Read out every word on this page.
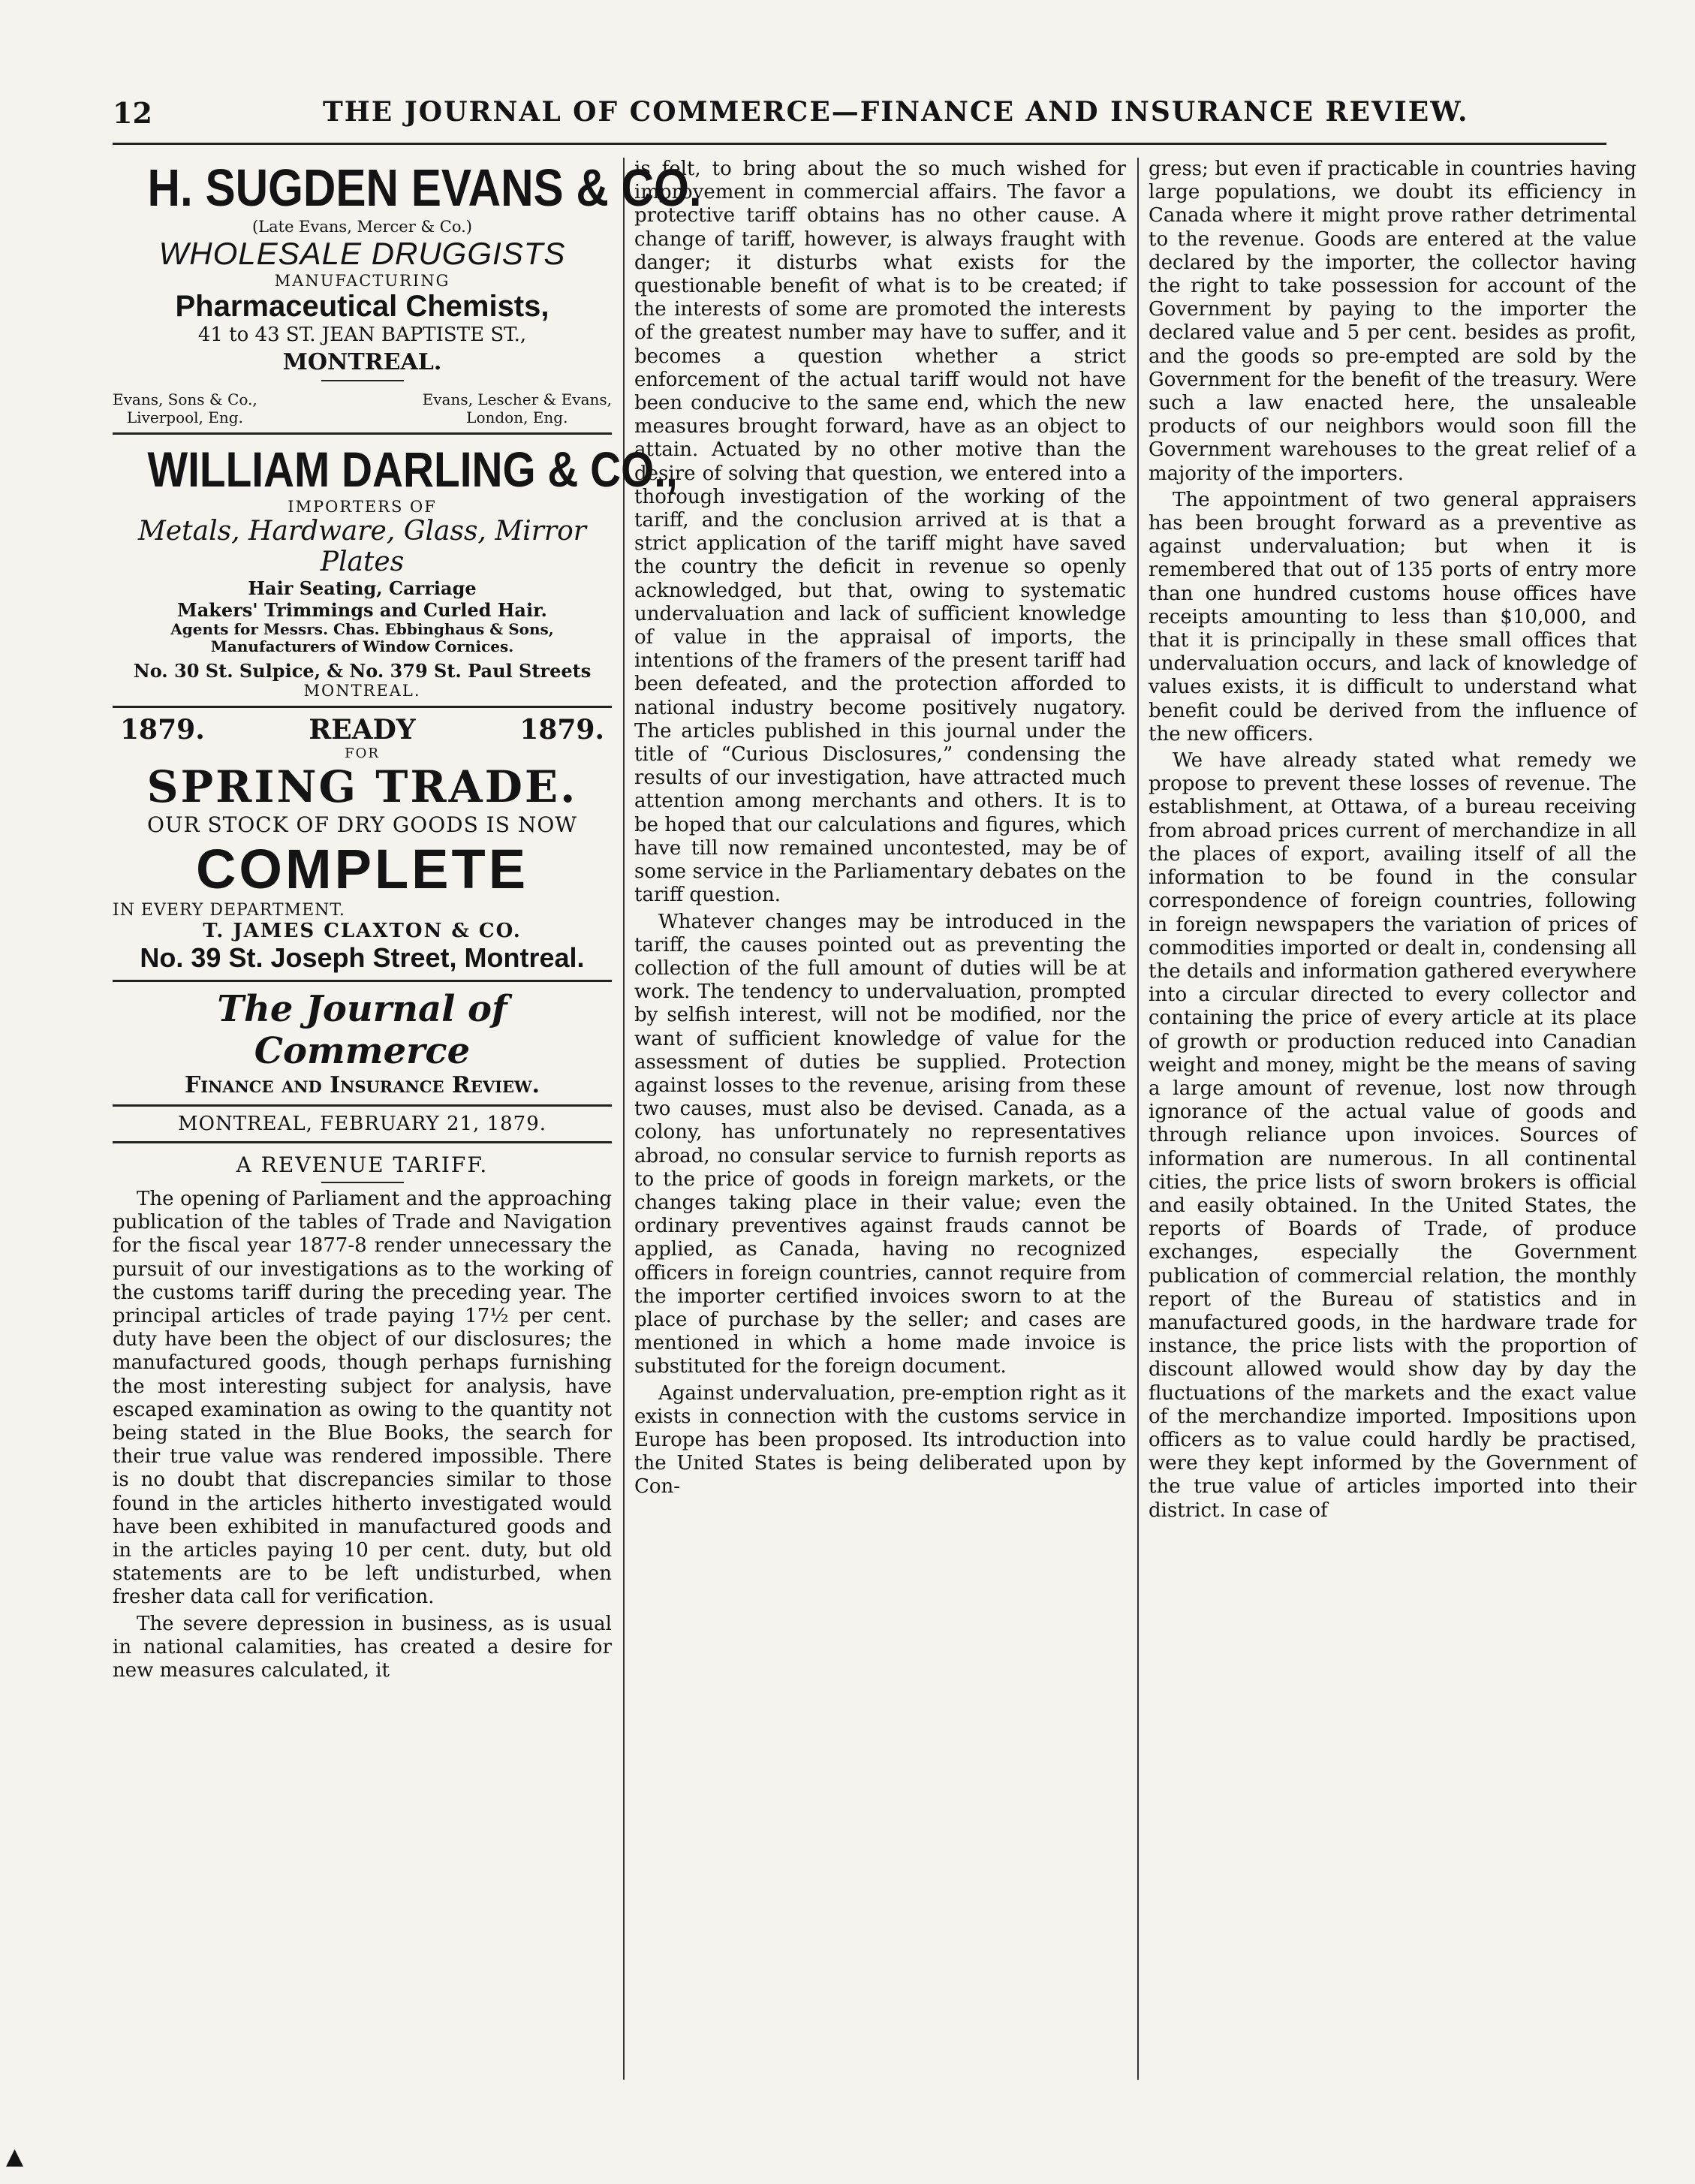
12	THE JOURNAL OF COMMERCE—FINANCE AND INSURANCE REVIEW.
H. SUGDEN EVANS & CO.
(Late Evans, Mercer & Co.)
WHOLESALE DRUGGISTS
MANUFACTURING
Pharmaceutical Chemists,
41 to 43 ST. JEAN BAPTISTE ST.,
MONTREAL.
Evans, Sons & Co.,
Liverpool, Eng.
Evans, Lescher & Evans,
London, Eng.
WILLIAM DARLING & CO.,
IMPORTERS OF
Metals, Hardware, Glass, Mirror Plates
Hair Seating, Carriage
Makers' Trimmings and Curled Hair.
Agents for Messrs. Chas. Ebbinghaus & Sons, Manufacturers of Window Cornices.
No. 30 St. Sulpice, & No. 379 St. Paul Streets
MONTREAL.
1879.	READY	1879.
FOR
SPRING TRADE.
OUR STOCK OF DRY GOODS IS NOW
COMPLETE
IN EVERY DEPARTMENT.
T. JAMES CLAXTON & CO.
No. 39 St. Joseph Street, Montreal.
The Journal of Commerce
Finance and Insurance Review.
MONTREAL, FEBRUARY 21, 1879.
A REVENUE TARIFF.

The opening of Parliament and the approaching publication of the tables of Trade and Navigation for the fiscal year 1877-8 render unnecessary the pursuit of our investigations as to the working of the customs tariff during the preceding year. The principal articles of trade paying 17½ per cent. duty have been the object of our disclosures; the manufactured goods, though perhaps furnishing the most interesting subject for analysis, have escaped examination as owing to the quantity not being stated in the Blue Books, the search for their true value was rendered impossible. There is no doubt that discrepancies similar to those found in the articles hitherto investigated would have been exhibited in manufactured goods and in the articles paying 10 per cent. duty, but old statements are to be left undisturbed, when fresher data call for verification.

The severe depression in business, as is usual in national calamities, has created a desire for new measures calculated, it

is felt, to bring about the so much wished for improvement in commercial affairs. The favor a protective tariff obtains has no other cause. A change of tariff, however, is always fraught with danger; it disturbs what exists for the questionable benefit of what is to be created; if the interests of some are promoted the interests of the greatest number may have to suffer, and it becomes a question whether a strict enforcement of the actual tariff would not have been conducive to the same end, which the new measures brought forward, have as an object to attain. Actuated by no other motive than the desire of solving that question, we entered into a thorough investigation of the working of the tariff, and the conclusion arrived at is that a strict application of the tariff might have saved the country the deficit in revenue so openly acknowledged, but that, owing to systematic undervaluation and lack of sufficient knowledge of value in the appraisal of imports, the intentions of the framers of the present tariff had been defeated, and the protection afforded to national industry become positively nugatory. The articles published in this journal under the title of “Curious Disclosures,” condensing the results of our investigation, have attracted much attention among merchants and others. It is to be hoped that our calculations and figures, which have till now remained uncontested, may be of some service in the Parliamentary debates on the tariff question.

Whatever changes may be introduced in the tariff, the causes pointed out as preventing the collection of the full amount of duties will be at work. The tendency to undervaluation, prompted by selfish interest, will not be modified, nor the want of sufficient knowledge of value for the assessment of duties be supplied. Protection against losses to the revenue, arising from these two causes, must also be devised. Canada, as a colony, has unfortunately no representatives abroad, no consular service to furnish reports as to the price of goods in foreign markets, or the changes taking place in their value; even the ordinary preventives against frauds cannot be applied, as Canada, having no recognized officers in foreign countries, cannot require from the importer certified invoices sworn to at the place of purchase by the seller; and cases are mentioned in which a home made invoice is substituted for the foreign document.

Against undervaluation, pre-emption right as it exists in connection with the customs service in Europe has been proposed. Its introduction into the United States is being deliberated upon by Con-

gress; but even if practicable in countries having large populations, we doubt its efficiency in Canada where it might prove rather detrimental to the revenue. Goods are entered at the value declared by the importer, the collector having the right to take possession for account of the Government by paying to the importer the declared value and 5 per cent. besides as profit, and the goods so pre-empted are sold by the Government for the benefit of the treasury. Were such a law enacted here, the unsaleable products of our neighbors would soon fill the Government warehouses to the great relief of a majority of the importers.

The appointment of two general appraisers has been brought forward as a preventive as against undervaluation; but when it is remembered that out of 135 ports of entry more than one hundred customs house offices have receipts amounting to less than $10,000, and that it is principally in these small offices that undervaluation occurs, and lack of knowledge of values exists, it is difficult to understand what benefit could be derived from the influence of the new officers.

We have already stated what remedy we propose to prevent these losses of revenue. The establishment, at Ottawa, of a bureau receiving from abroad prices current of merchandize in all the places of export, availing itself of all the information to be found in the consular correspondence of foreign countries, following in foreign newspapers the variation of prices of commodities imported or dealt in, condensing all the details and information gathered everywhere into a circular directed to every collector and containing the price of every article at its place of growth or production reduced into Canadian weight and money, might be the means of saving a large amount of revenue, lost now through ignorance of the actual value of goods and through reliance upon invoices. Sources of information are numerous. In all continental cities, the price lists of sworn brokers is official and easily obtained. In the United States, the reports of Boards of Trade, of produce exchanges, especially the Government publication of commercial relation, the monthly report of the Bureau of statistics and in manufactured goods, in the hardware trade for instance, the price lists with the proportion of discount allowed would show day by day the fluctuations of the markets and the exact value of the merchandize imported. Impositions upon officers as to value could hardly be practised, were they kept informed by the Government of the true value of articles imported into their district. In case of

▲
